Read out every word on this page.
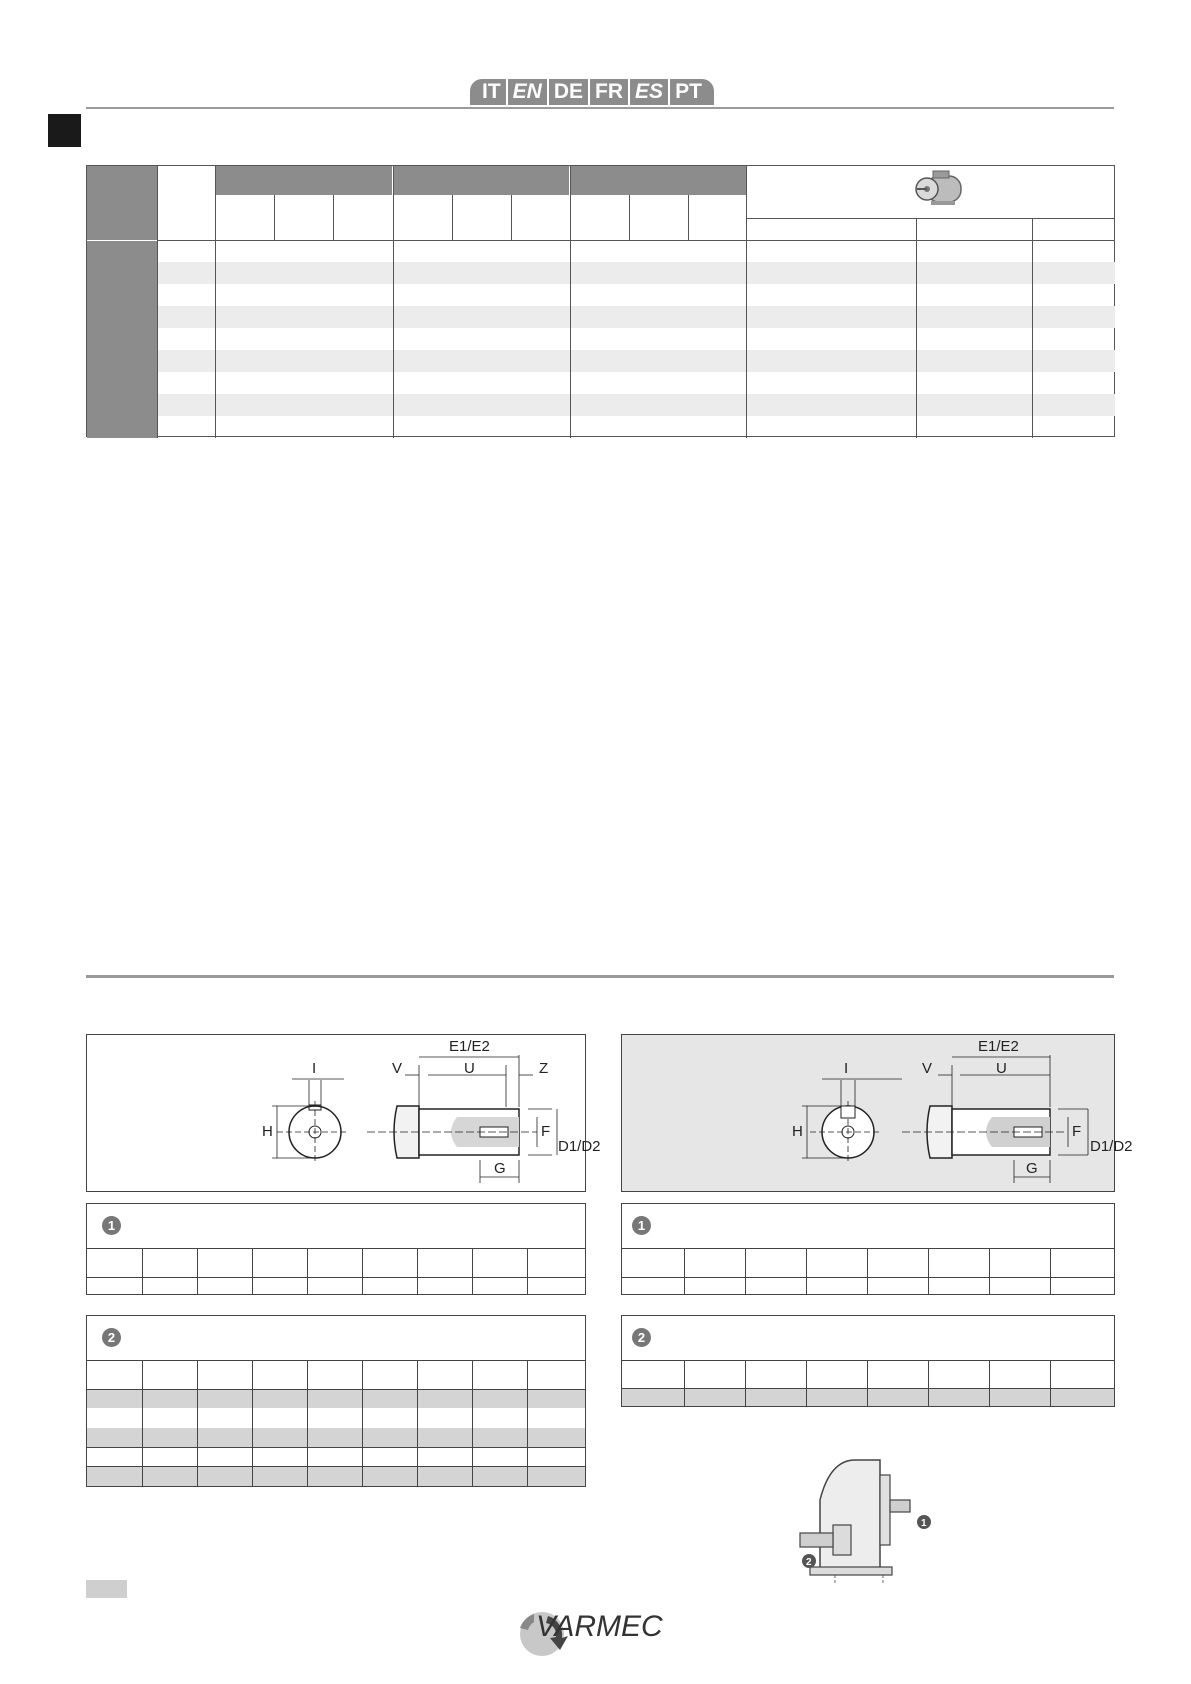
IT EN DE FR ES PT
E1/E2
I	V	U	Z
H	F
D1/D2
G
E1/E2
I	V	U
H	F
D1/D2
G
1	1
2	2
1
2
VARMEC
